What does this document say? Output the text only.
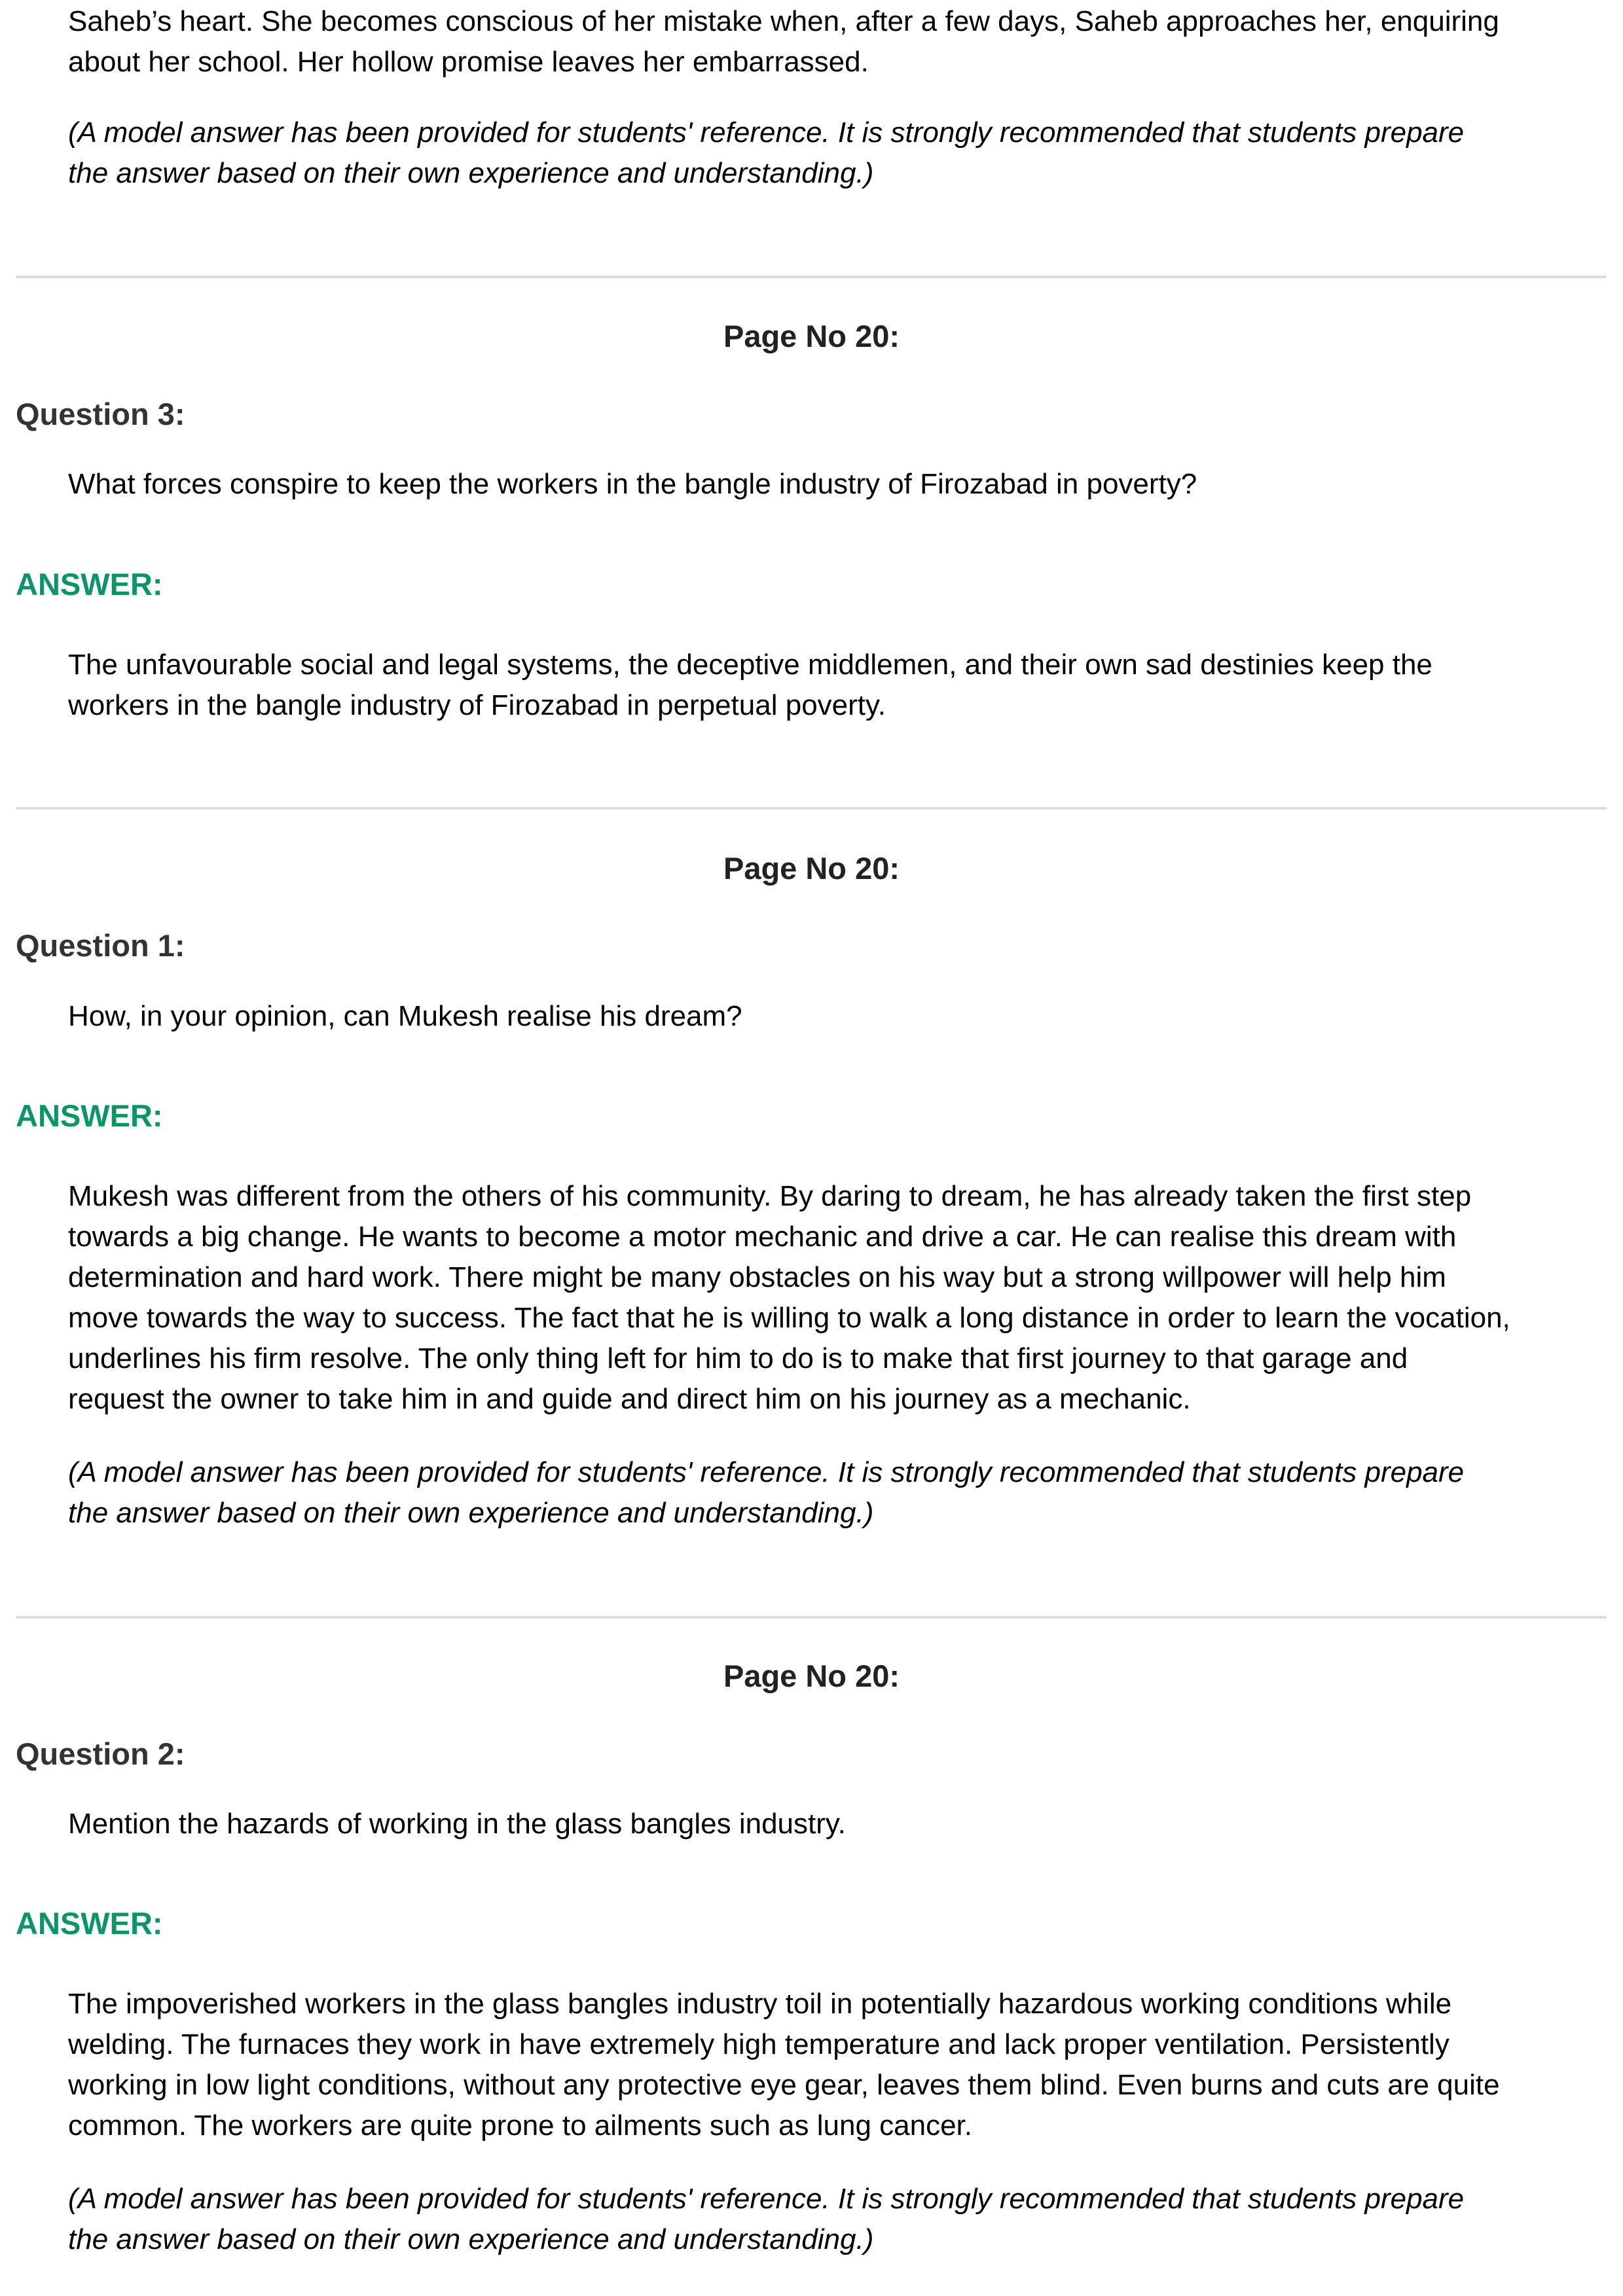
Saheb’s heart. She becomes conscious of her mistake when, after a few days, Saheb approaches her, enquiring
about her school. Her hollow promise leaves her embarrassed.
(A model answer has been provided for students' reference. It is strongly recommended that students prepare
the answer based on their own experience and understanding.)
Page No 20:
Question 3:
What forces conspire to keep the workers in the bangle industry of Firozabad in poverty?
ANSWER:
The unfavourable social and legal systems, the deceptive middlemen, and their own sad destinies keep the
workers in the bangle industry of Firozabad in perpetual poverty.
Page No 20:
Question 1:
How, in your opinion, can Mukesh realise his dream?
ANSWER:
Mukesh was different from the others of his community. By daring to dream, he has already taken the first step
towards a big change. He wants to become a motor mechanic and drive a car. He can realise this dream with
determination and hard work. There might be many obstacles on his way but a strong willpower will help him
move towards the way to success. The fact that he is willing to walk a long distance in order to learn the vocation,
underlines his firm resolve. The only thing left for him to do is to make that first journey to that garage and
request the owner to take him in and guide and direct him on his journey as a mechanic.
(A model answer has been provided for students' reference. It is strongly recommended that students prepare
the answer based on their own experience and understanding.)
Page No 20:
Question 2:
Mention the hazards of working in the glass bangles industry.
ANSWER:
The impoverished workers in the glass bangles industry toil in potentially hazardous working conditions while
welding. The furnaces they work in have extremely high temperature and lack proper ventilation. Persistently
working in low light conditions, without any protective eye gear, leaves them blind. Even burns and cuts are quite
common. The workers are quite prone to ailments such as lung cancer.
(A model answer has been provided for students' reference. It is strongly recommended that students prepare
the answer based on their own experience and understanding.)
